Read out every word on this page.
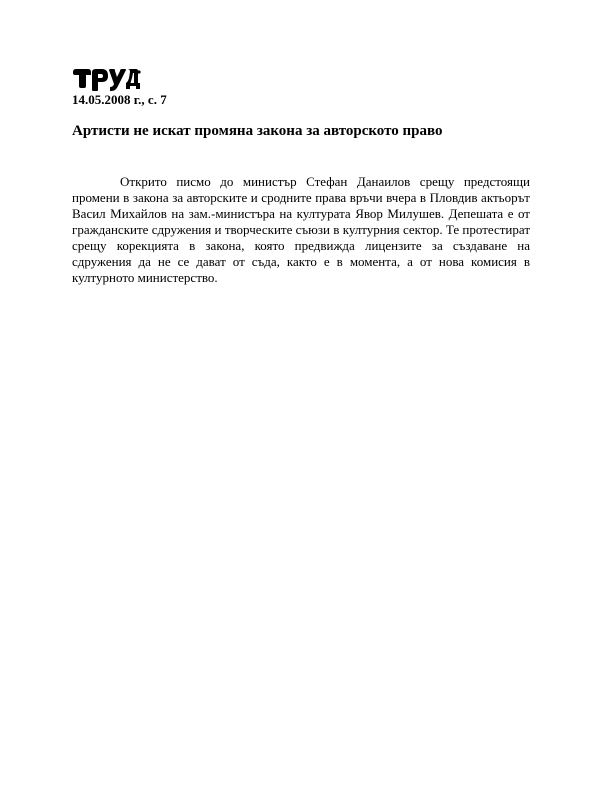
14.05.2008 г., с. 7
Артисти не искат промяна закона за авторското право

Открито писмо до министър Стефан Данаилов срещу предстоящи промени в закона за авторските и сродните права връчи вчера в Пловдив актьорът Васил Михайлов на зам.-министъра на културата Явор Милушев. Депешата е от гражданските сдружения и творческите съюзи в културния сектор. Те протестират срещу корекцията в закона, която предвижда лицензите за създаване на сдружения да не се дават от съда, както е в момента, а от нова комисия в културното министерство.
